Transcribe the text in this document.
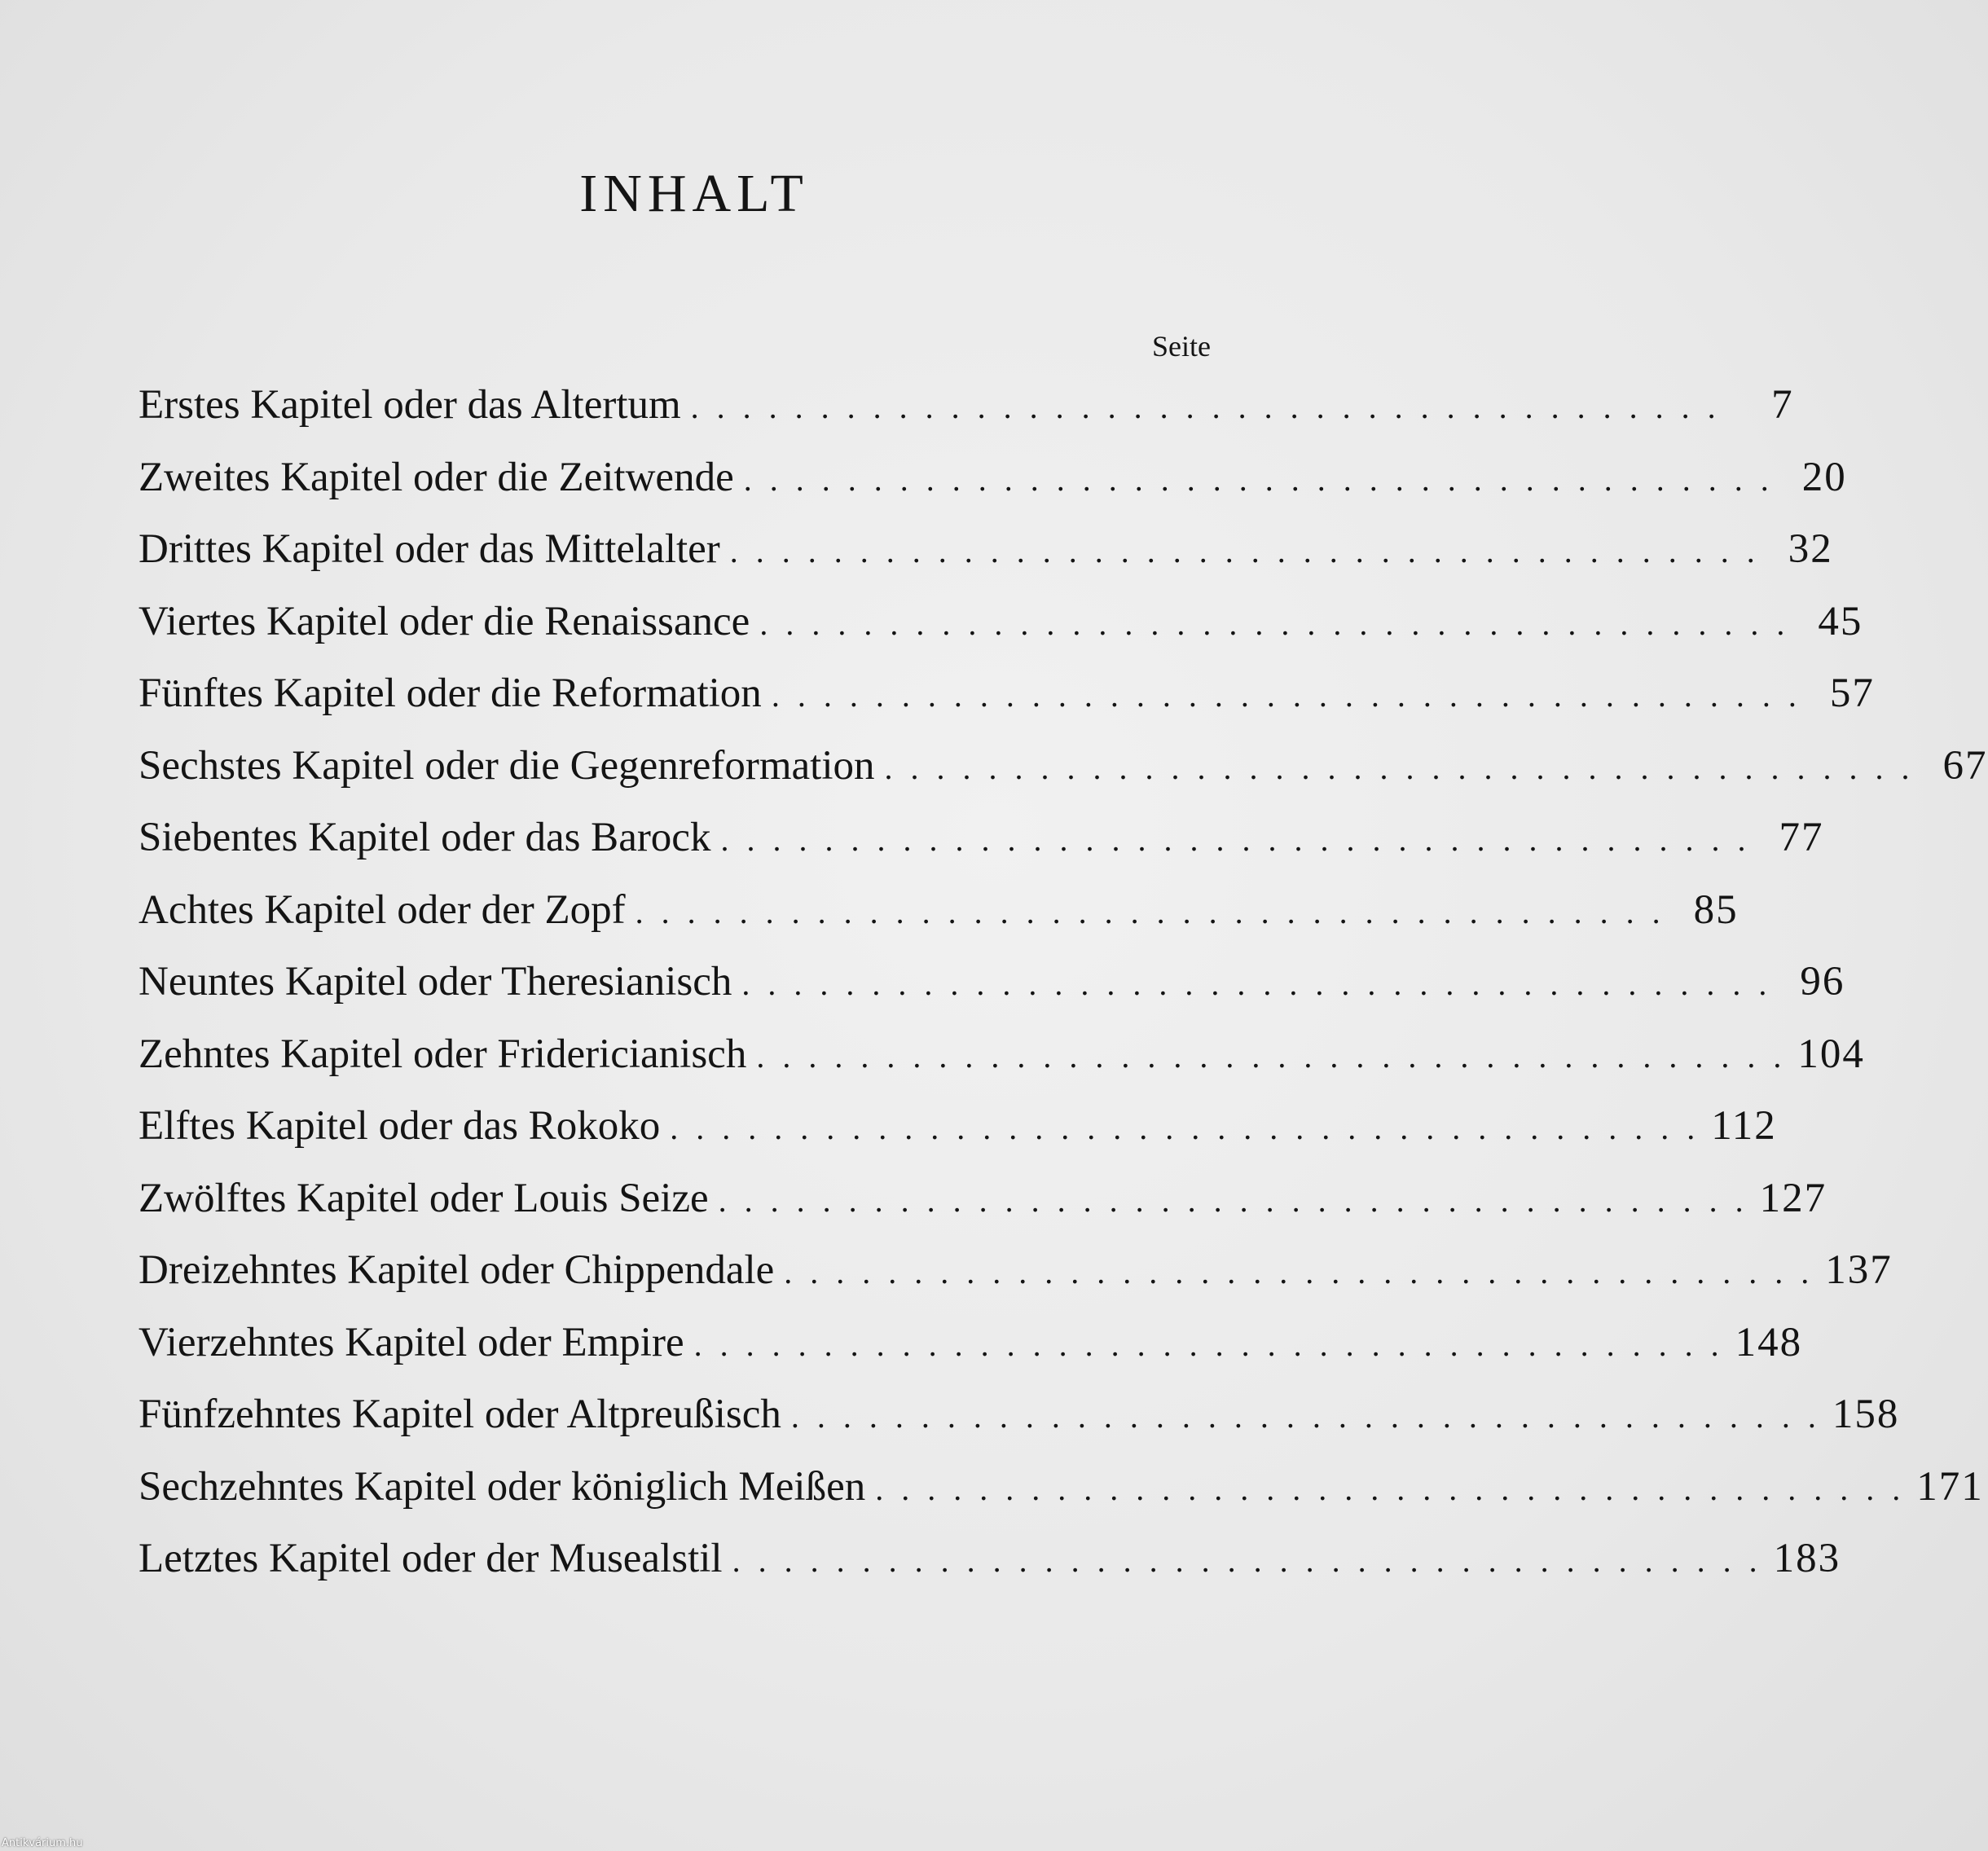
INHALT
Seite
Erstes Kapitel oder das Altertum . . . . . . . . . . . . . . . . . . . . . . . . . . . . . . . . . . . . . . . .	7
Zweites Kapitel oder die Zeitwende . . . . . . . . . . . . . . . . . . . . . . . . . . . . . . . . . . . . . . . . 20
Drittes Kapitel oder das Mittelalter . . . . . . . . . . . . . . . . . . . . . . . . . . . . . . . . . . . . . . . . 32
Viertes Kapitel oder die Renaissance . . . . . . . . . . . . . . . . . . . . . . . . . . . . . . . . . . . . . . . . 45
Fünftes Kapitel oder die Reformation . . . . . . . . . . . . . . . . . . . . . . . . . . . . . . . . . . . . . . . . 57
Sechstes Kapitel oder die Gegenreformation . . . . . . . . . . . . . . . . . . . . . . . . . . . . . . . . . . . . . . . . 67
Siebentes Kapitel oder das Barock . . . . . . . . . . . . . . . . . . . . . . . . . . . . . . . . . . . . . . . . 77
Achtes Kapitel oder der Zopf . . . . . . . . . . . . . . . . . . . . . . . . . . . . . . . . . . . . . . . . 85
Neuntes Kapitel oder Theresianisch . . . . . . . . . . . . . . . . . . . . . . . . . . . . . . . . . . . . . . . . 96
Zehntes Kapitel oder Fridericianisch . . . . . . . . . . . . . . . . . . . . . . . . . . . . . . . . . . . . . . . . 104
Elftes Kapitel oder das Rokoko . . . . . . . . . . . . . . . . . . . . . . . . . . . . . . . . . . . . . . . . 112
Zwölftes Kapitel oder Louis Seize . . . . . . . . . . . . . . . . . . . . . . . . . . . . . . . . . . . . . . . . 127
Dreizehntes Kapitel oder Chippendale . . . . . . . . . . . . . . . . . . . . . . . . . . . . . . . . . . . . . . . . 137
Vierzehntes Kapitel oder Empire . . . . . . . . . . . . . . . . . . . . . . . . . . . . . . . . . . . . . . . . 148
Fünfzehntes Kapitel oder Altpreußisch . . . . . . . . . . . . . . . . . . . . . . . . . . . . . . . . . . . . . . . . 158
Sechzehntes Kapitel oder königlich Meißen . . . . . . . . . . . . . . . . . . . . . . . . . . . . . . . . . . . . . . . . 171
Letztes Kapitel oder der Musealstil . . . . . . . . . . . . . . . . . . . . . . . . . . . . . . . . . . . . . . . . 183
Antikvárium.hu
